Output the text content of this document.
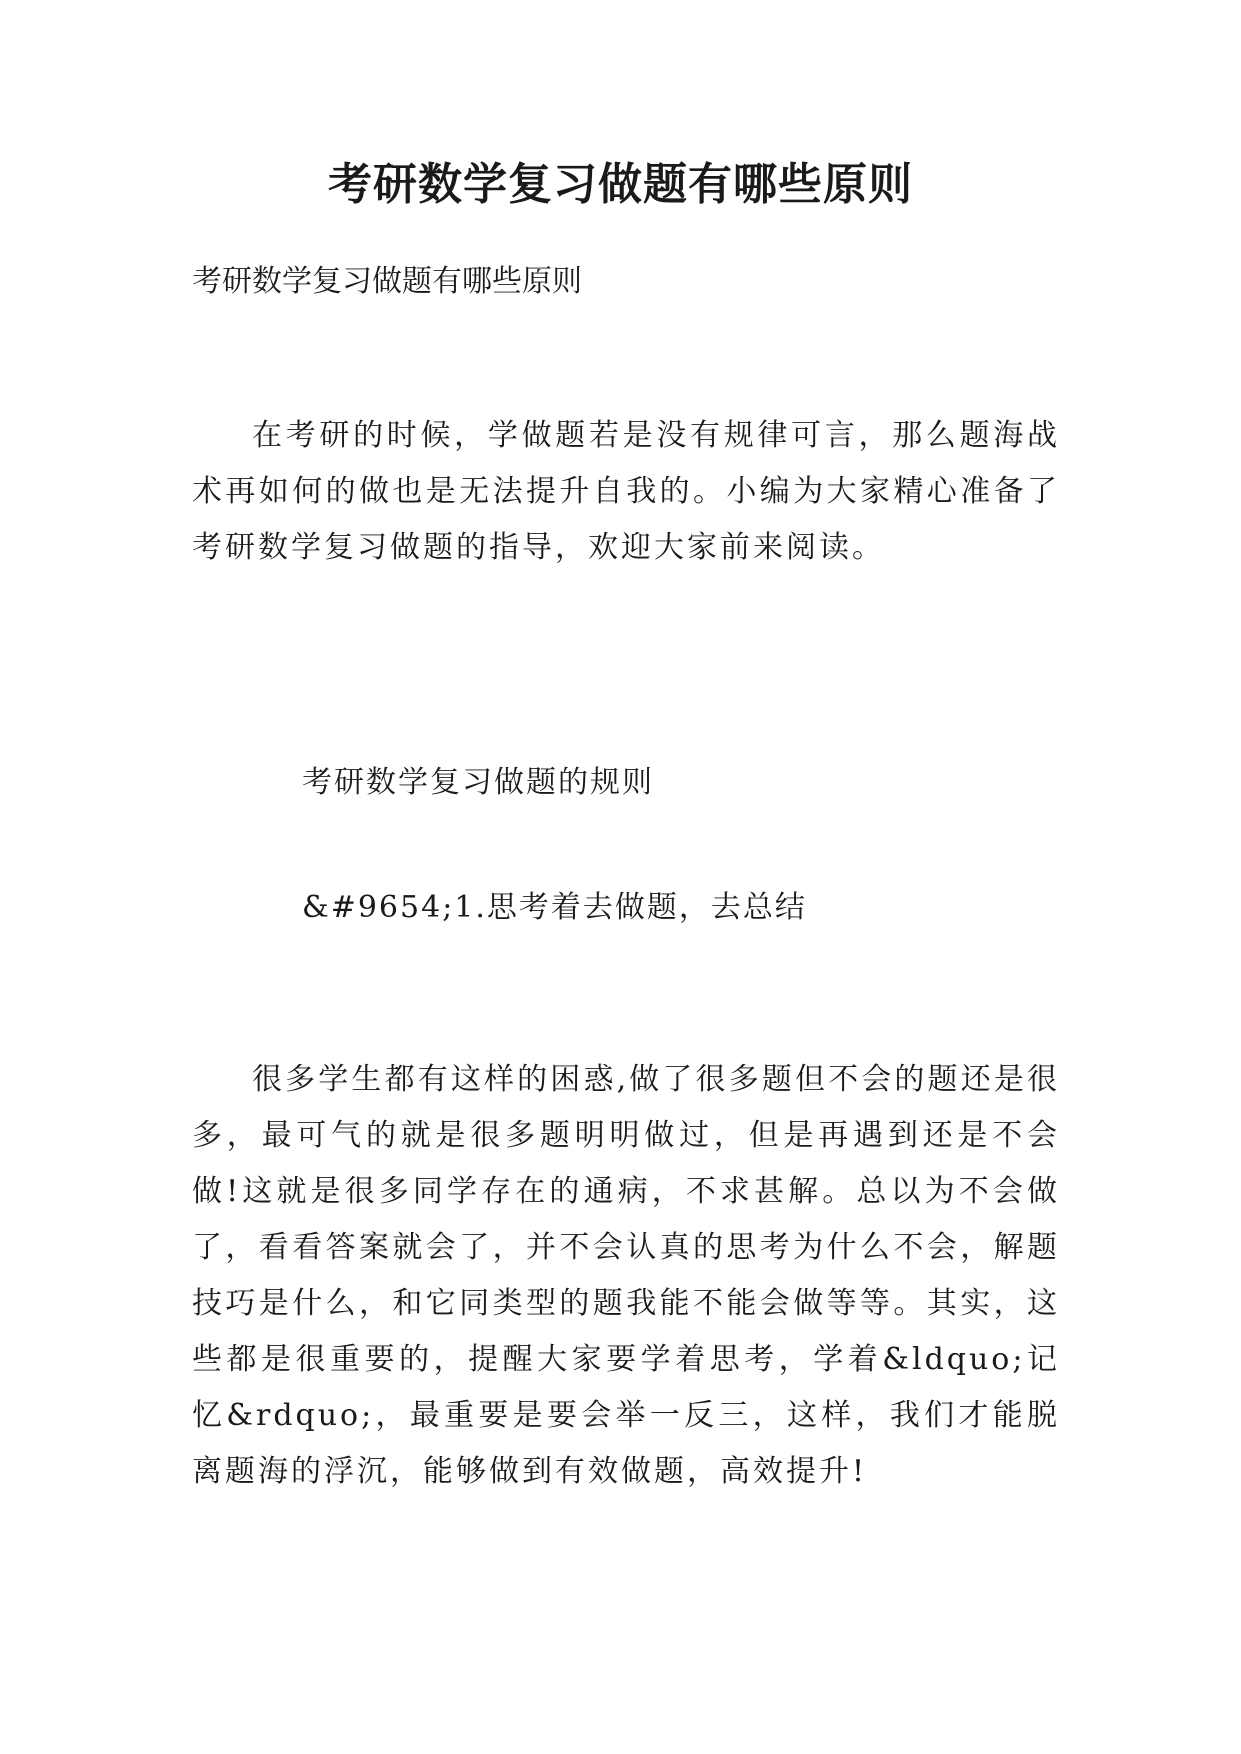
考研数学复习做题有哪些原则

考研数学复习做题有哪些原则

在考研的时候，学做题若是没有规律可言，那么题海战术再如何的做也是无法提升自我的。小编为大家精心准备了考研数学复习做题的指导，欢迎大家前来阅读。

考研数学复习做题的规则

&#9654;1.思考着去做题，去总结

很多学生都有这样的困惑,做了很多题但不会的题还是很多，最可气的就是很多题明明做过，但是再遇到还是不会做!这就是很多同学存在的通病，不求甚解。总以为不会做了，看看答案就会了，并不会认真的思考为什么不会，解题技巧是什么，和它同类型的题我能不能会做等等。其实，这些都是很重要的，提醒大家要学着思考，学着&ldquo;记忆&rdquo;，最重要是要会举一反三，这样，我们才能脱离题海的浮沉，能够做到有效做题，高效提升!
